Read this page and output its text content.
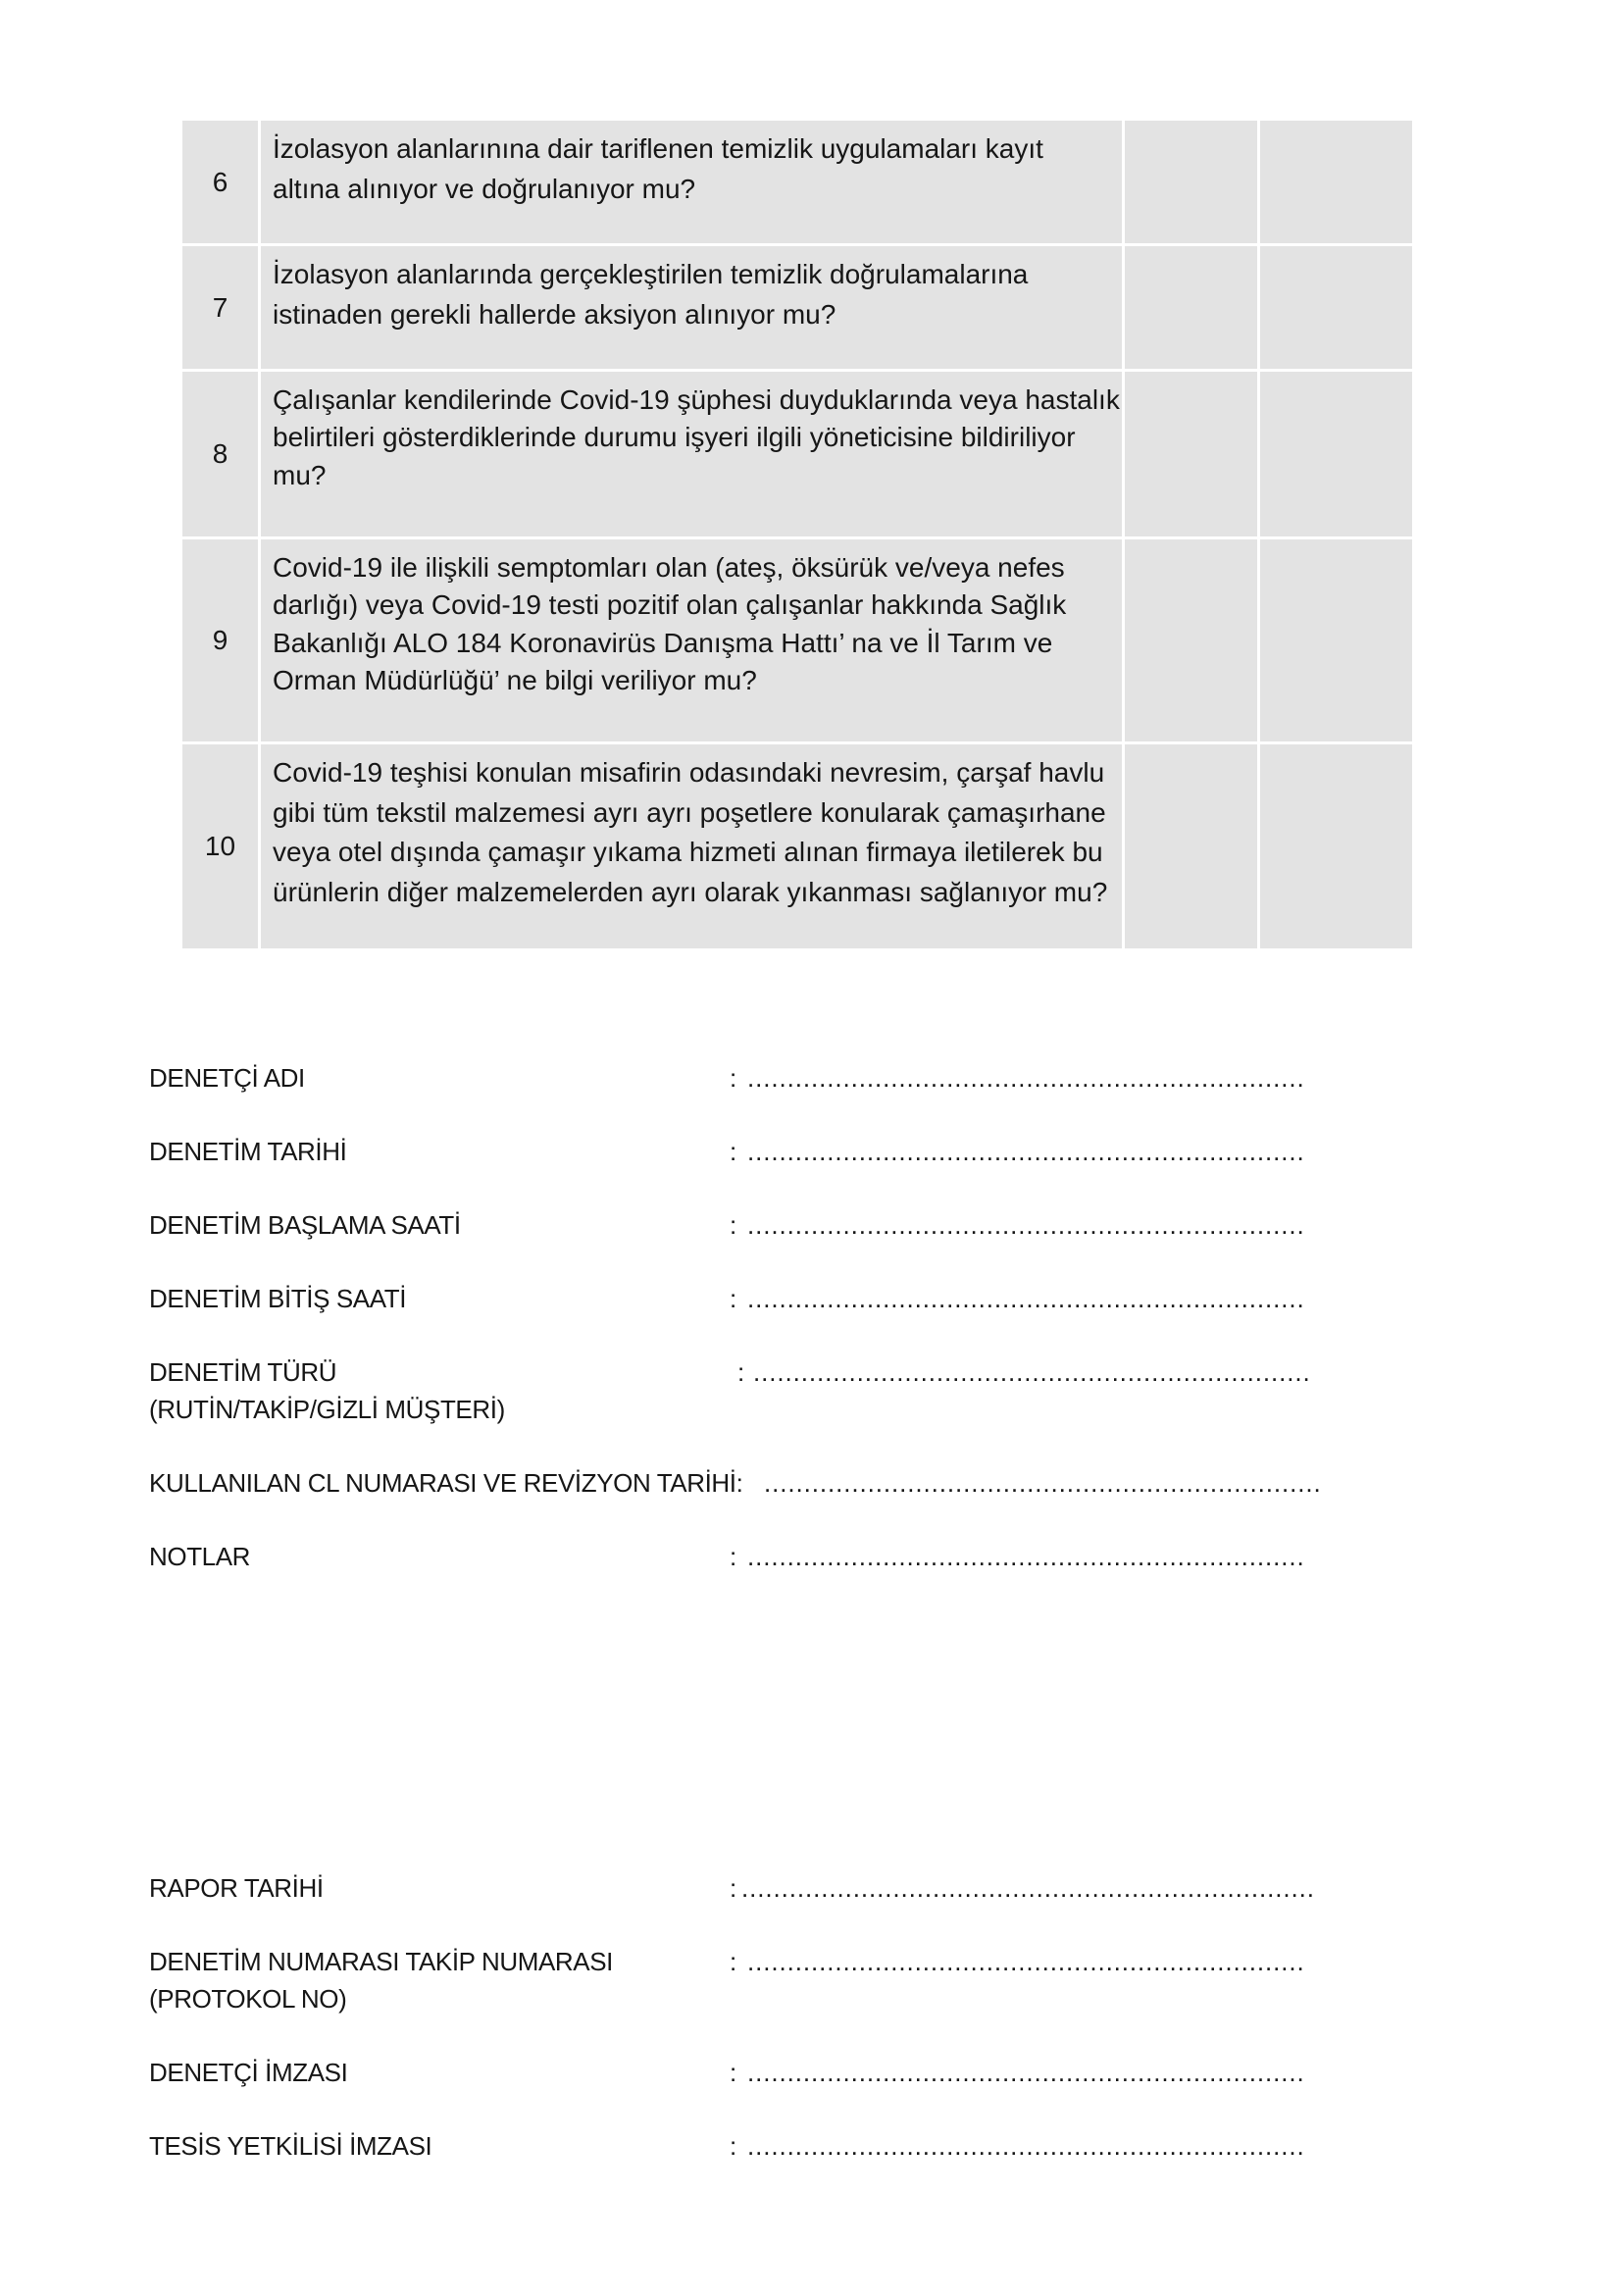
6
İzolasyon alanlarınına dair tariflenen temizlik uygulamaları kayıt
altına alınıyor ve doğrulanıyor mu?
7
İzolasyon alanlarında gerçekleştirilen temizlik doğrulamalarına
istinaden gerekli hallerde aksiyon alınıyor mu?
8
Çalışanlar kendilerinde Covid-19 şüphesi duyduklarında veya hastalık
belirtileri gösterdiklerinde durumu işyeri ilgili yöneticisine bildiriliyor
mu?
9
Covid-19 ile ilişkili semptomları olan (ateş, öksürük ve/veya nefes
darlığı) veya Covid-19 testi pozitif olan çalışanlar hakkında Sağlık
Bakanlığı ALO 184 Koronavirüs Danışma Hattı’ na ve İl Tarım ve
Orman Müdürlüğü’ ne bilgi veriliyor mu?
10
Covid-19 teşhisi konulan misafirin odasındaki nevresim, çarşaf havlu
gibi tüm tekstil malzemesi ayrı ayrı poşetlere konularak çamaşırhane
veya otel dışında çamaşır yıkama hizmeti alınan firmaya iletilerek bu
ürünlerin diğer malzemelerden ayrı olarak yıkanması sağlanıyor mu?
DENETÇİ ADI	: ......................................................................
DENETİM TARİHİ	: ......................................................................
DENETİM BAŞLAMA SAATİ	: ......................................................................
DENETİM BİTİŞ SAATİ	: ......................................................................
DENETİM TÜRÜ
(RUTİN/TAKİP/GİZLİ MÜŞTERİ)
: ......................................................................
KULLANILAN CL NUMARASI VE REVİZYON TARİHİ: ......................................................................
NOTLAR	: ......................................................................
RAPOR TARİHİ	: ........................................................................
DENETİM NUMARASI TAKİP NUMARASI
(PROTOKOL NO)
: ......................................................................
DENETÇİ İMZASI	: ......................................................................
TESİS YETKİLİSİ İMZASI	: ......................................................................
